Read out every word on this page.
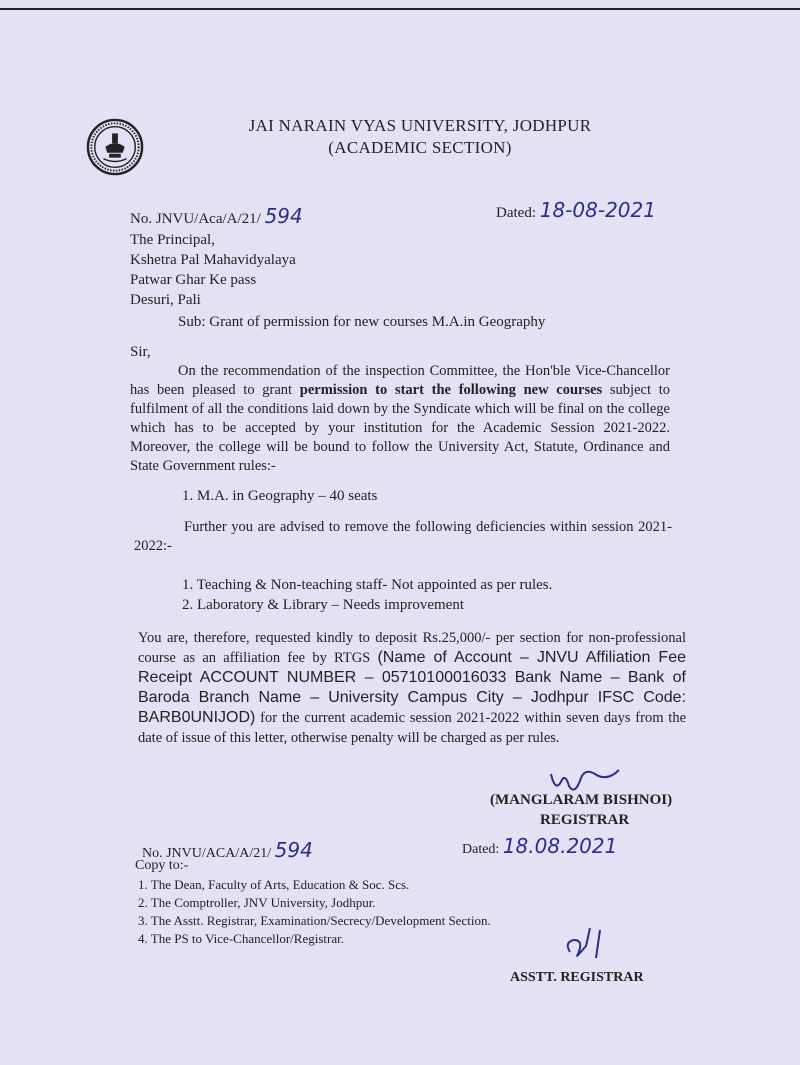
JAI NARAIN VYAS UNIVERSITY, JODHPUR
(ACADEMIC SECTION)
No. JNVU/Aca/A/21/ 594	Dated: 18-08-2021
The Principal,
Kshetra Pal Mahavidyalaya
Patwar Ghar Ke pass
Desuri, Pali
Sub: Grant of permission for new courses M.A.in Geography
Sir,
On the recommendation of the inspection Committee, the Hon'ble Vice-Chancellor has been pleased to grant permission to start the following new courses subject to fulfilment of all the conditions laid down by the Syndicate which will be final on the college which has to be accepted by your institution for the Academic Session 2021-2022. Moreover, the college will be bound to follow the University Act, Statute, Ordinance and State Government rules:-
1. M.A. in Geography – 40 seats
Further you are advised to remove the following deficiencies within session 2021-2022:-
1. Teaching & Non-teaching staff- Not appointed as per rules.
2. Laboratory & Library – Needs improvement
You are, therefore, requested kindly to deposit Rs.25,000/- per section for non-professional course as an affiliation fee by RTGS (Name of Account – JNVU Affiliation Fee Receipt ACCOUNT NUMBER – 05710100016033 Bank Name – Bank of Baroda Branch Name – University Campus City – Jodhpur IFSC Code: BARB0UNIJOD) for the current academic session 2021-2022 within seven days from the date of issue of this letter, otherwise penalty will be charged as per rules.
(MANGLARAM BISHNOI)
REGISTRAR
No. JNVU/ACA/A/21/ 594	Dated: 18.08.2021
Copy to:-
1. The Dean, Faculty of Arts, Education & Soc. Scs.
2. The Comptroller, JNV University, Jodhpur.
3. The Asstt. Registrar, Examination/Secrecy/Development Section.
4. The PS to Vice-Chancellor/Registrar.
ASSTT. REGISTRAR
